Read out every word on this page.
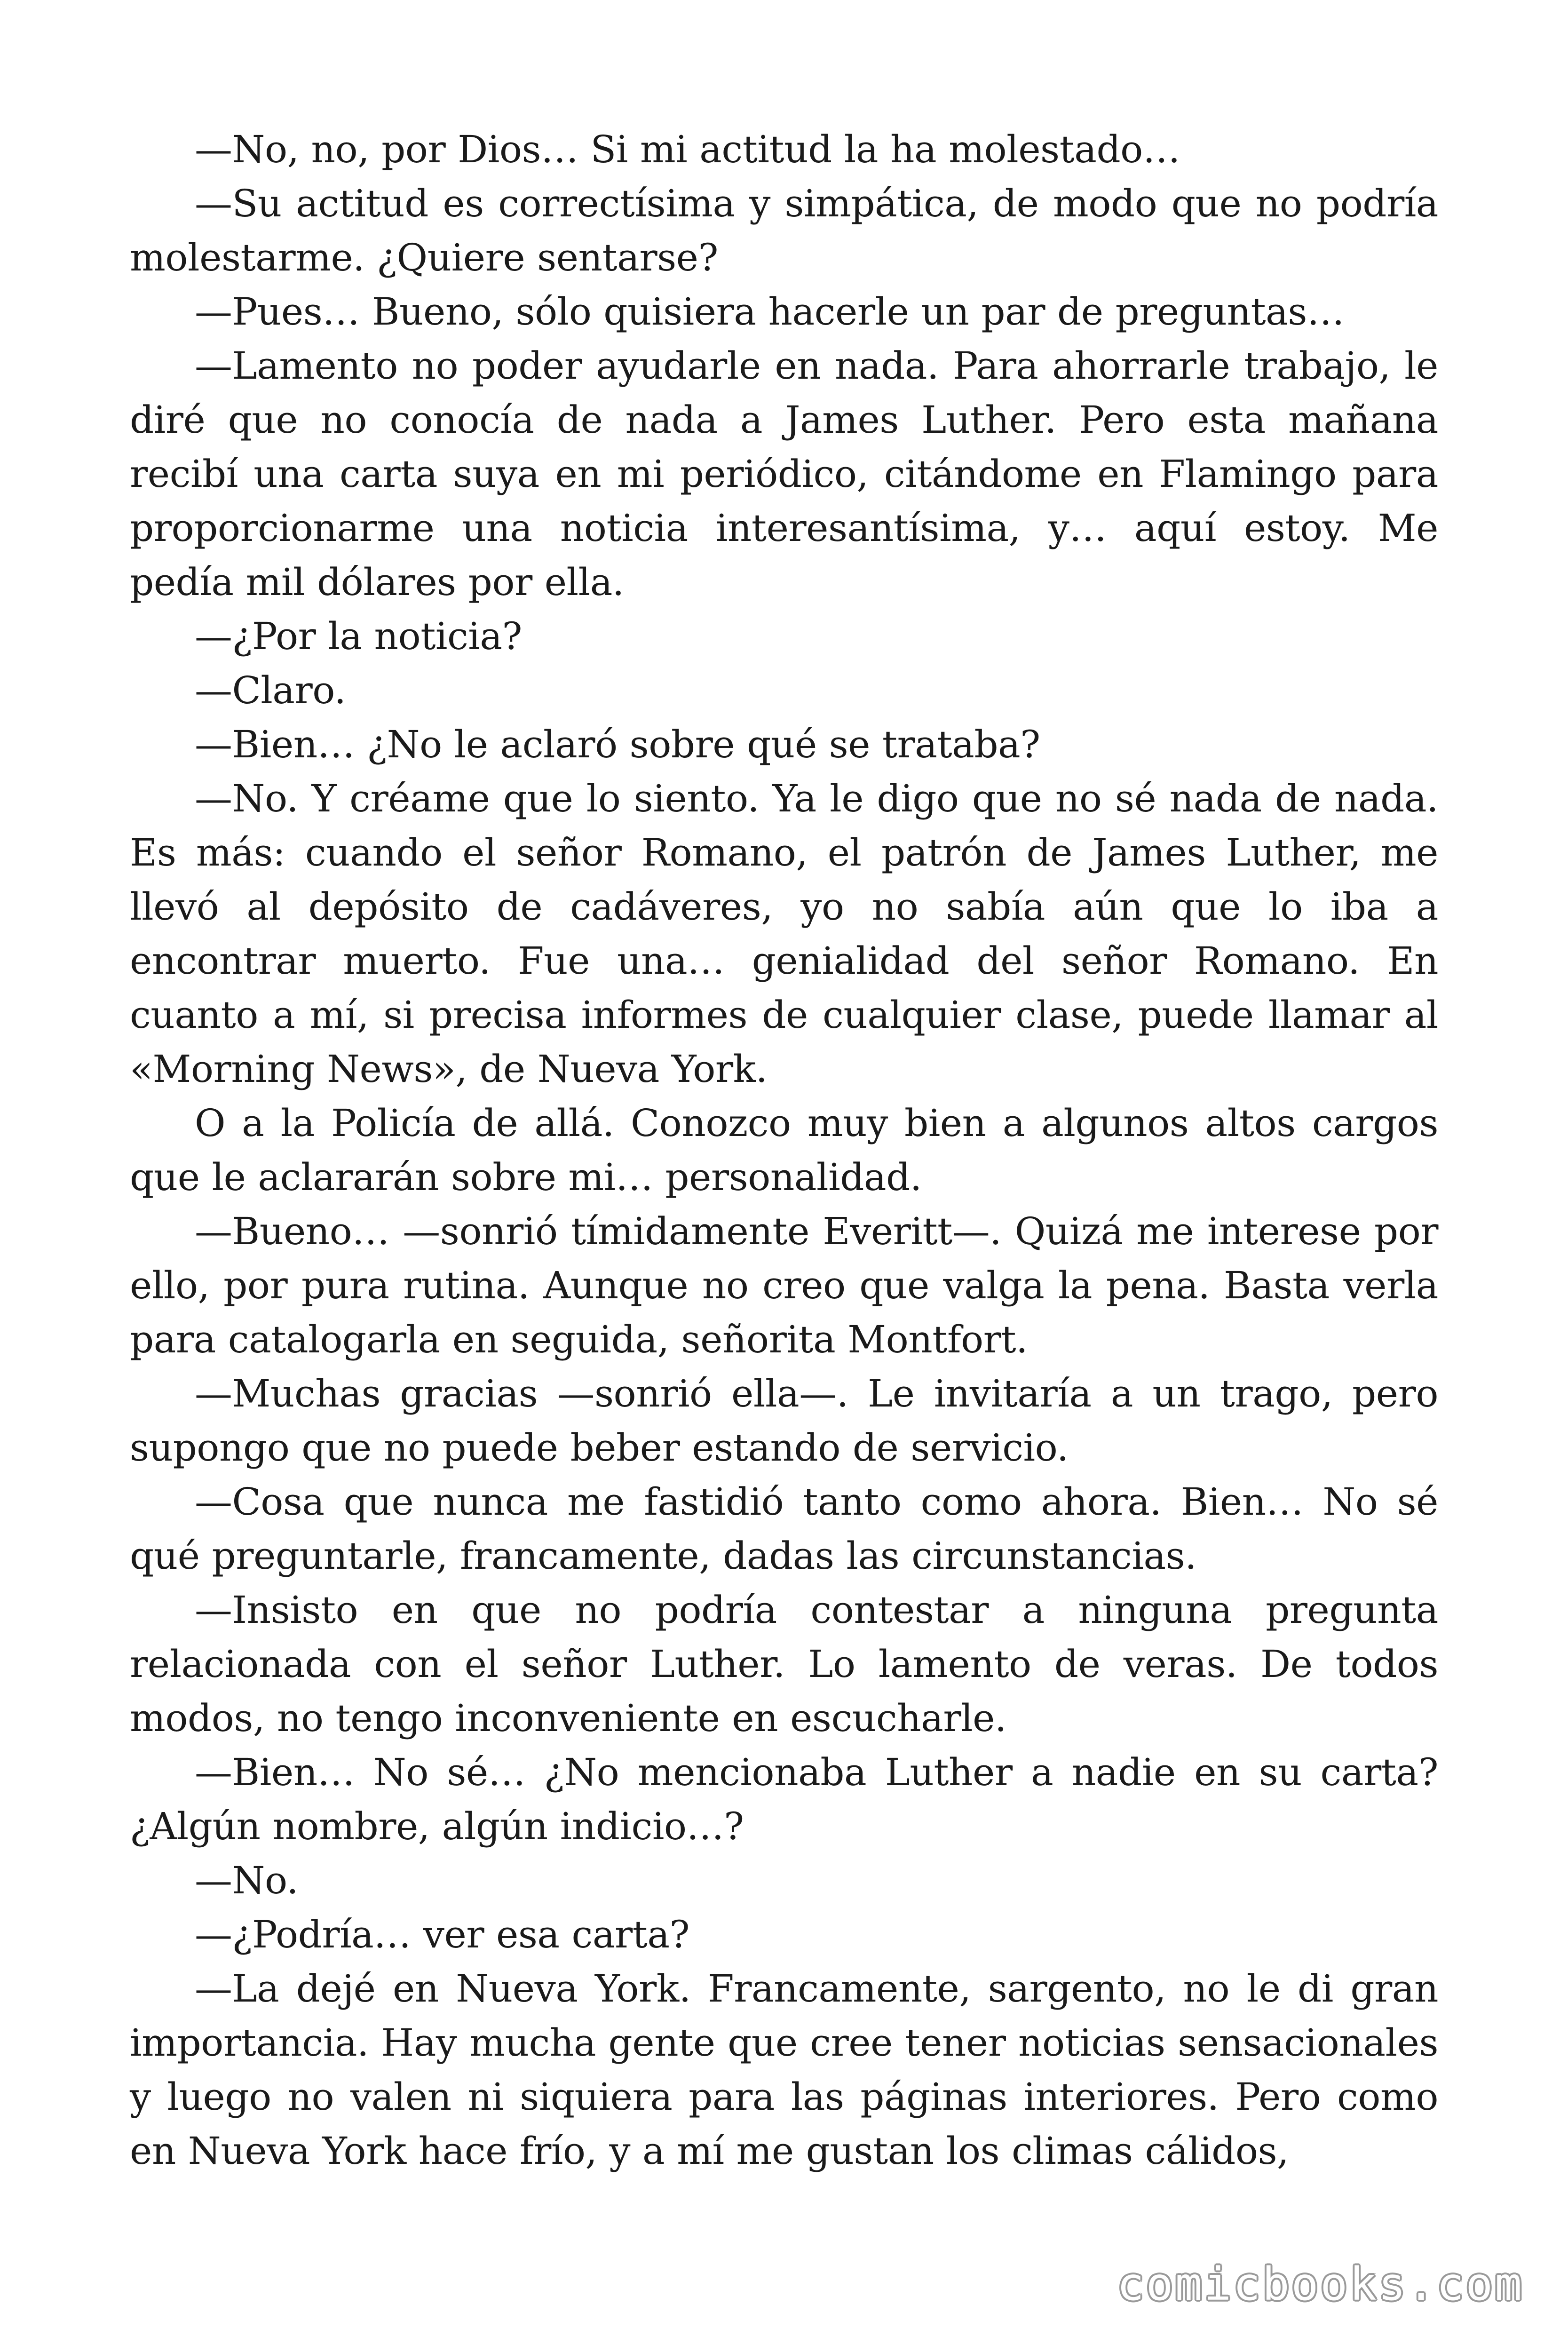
—No, no, por Dios… Si mi actitud la ha molestado…

—Su actitud es correctísima y simpática, de modo que no podría molestarme. ¿Quiere sentarse?

—Pues… Bueno, sólo quisiera hacerle un par de preguntas…

—Lamento no poder ayudarle en nada. Para ahorrarle trabajo, le diré que no conocía de nada a James Luther. Pero esta mañana recibí una carta suya en mi periódico, citándome en Flamingo para proporcionarme una noticia interesantísima, y… aquí estoy. Me pedía mil dólares por ella.

—¿Por la noticia?

—Claro.

—Bien… ¿No le aclaró sobre qué se trataba?

—No. Y créame que lo siento. Ya le digo que no sé nada de nada. Es más: cuando el señor Romano, el patrón de James Luther, me llevó al depósito de cadáveres, yo no sabía aún que lo iba a encontrar muerto. Fue una… genialidad del señor Romano. En cuanto a mí, si precisa informes de cualquier clase, puede llamar al «Morning News», de Nueva York.

O a la Policía de allá. Conozco muy bien a algunos altos cargos que le aclararán sobre mi… personalidad.

—Bueno… —sonrió tímidamente Everitt—. Quizá me interese por ello, por pura rutina. Aunque no creo que valga la pena. Basta verla para catalogarla en seguida, señorita Montfort.

—Muchas gracias —sonrió ella—. Le invitaría a un trago, pero supongo que no puede beber estando de servicio.

—Cosa que nunca me fastidió tanto como ahora. Bien… No sé qué preguntarle, francamente, dadas las circunstancias.

—Insisto en que no podría contestar a ninguna pregunta relacionada con el señor Luther. Lo lamento de veras. De todos modos, no tengo inconveniente en escucharle.

—Bien… No sé… ¿No mencionaba Luther a nadie en su carta? ¿Algún nombre, algún indicio…?

—No.

—¿Podría… ver esa carta?

—La dejé en Nueva York. Francamente, sargento, no le di gran importancia. Hay mucha gente que cree tener noticias sensacionales y luego no valen ni siquiera para las páginas interiores. Pero como en Nueva York hace frío, y a mí me gustan los climas cálidos,

comicbooks.com
